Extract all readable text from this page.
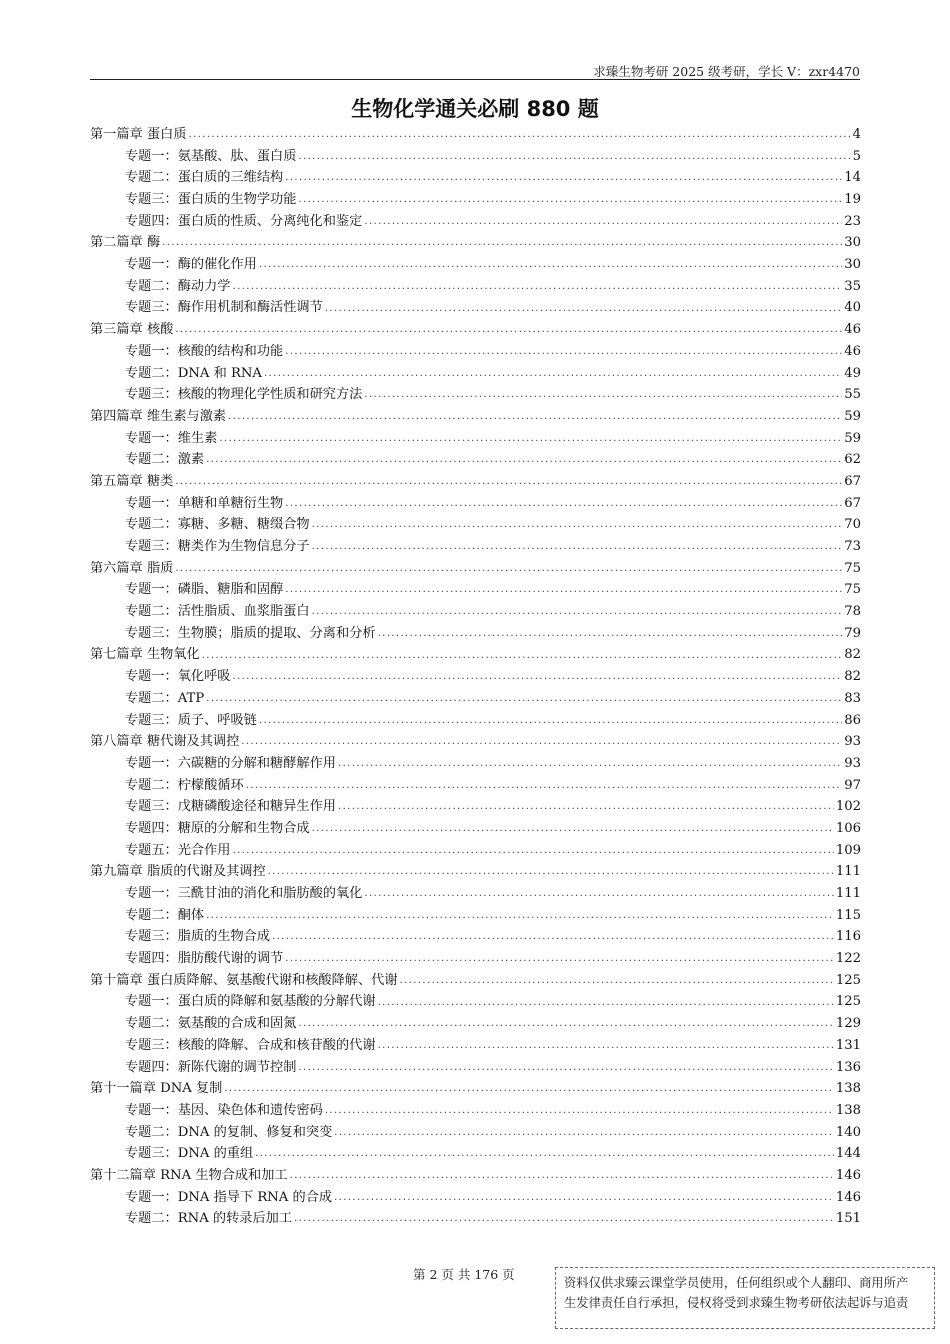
求臻生物考研 2025 级考研，学长 V：zxr4470
生物化学通关必刷 880 题
第一篇章 蛋白质 .....	4
专题一：氨基酸、肽、蛋白质 .....	5
专题二：蛋白质的三维结构 .....	14
专题三：蛋白质的生物学功能 .....	19
专题四：蛋白质的性质、分离纯化和鉴定 .....	23
第二篇章 酶 .....	30
专题一：酶的催化作用 .....	30
专题二：酶动力学 .....	35
专题三：酶作用机制和酶活性调节 .....	40
第三篇章 核酸 .....	46
专题一：核酸的结构和功能 .....	46
专题二：DNA 和 RNA .....	49
专题三：核酸的物理化学性质和研究方法 .....	55
第四篇章 维生素与激素 .....	59
专题一：维生素 .....	59
专题二：激素 .....	62
第五篇章 糖类 .....	67
专题一：单糖和单糖衍生物 .....	67
专题二：寡糖、多糖、糖缀合物 .....	70
专题三：糖类作为生物信息分子 .....	73
第六篇章 脂质 .....	75
专题一：磷脂、糖脂和固醇 .....	75
专题二：活性脂质、血浆脂蛋白 .....	78
专题三：生物膜；脂质的提取、分离和分析 .....	79
第七篇章 生物氧化 .....	82
专题一：氧化呼吸 .....	82
专题二：ATP .....	83
专题三：质子、呼吸链 .....	86
第八篇章 糖代谢及其调控 .....	93
专题一：六碳糖的分解和糖酵解作用 .....	93
专题二：柠檬酸循环 .....	97
专题三：戊糖磷酸途径和糖异生作用 .....	102
专题四：糖原的分解和生物合成 .....	106
专题五：光合作用 .....	109
第九篇章 脂质的代谢及其调控 .....	111
专题一：三酰甘油的消化和脂肪酸的氧化 .....	111
专题二：酮体 .....	115
专题三：脂质的生物合成 .....	116
专题四：脂肪酸代谢的调节 .....	122
第十篇章 蛋白质降解、氨基酸代谢和核酸降解、代谢 .....	125
专题一：蛋白质的降解和氨基酸的分解代谢 .....	125
专题二：氨基酸的合成和固氮 .....	129
专题三：核酸的降解、合成和核苷酸的代谢 .....	131
专题四：新陈代谢的调节控制 .....	136
第十一篇章 DNA 复制 .....	138
专题一：基因、染色体和遗传密码 .....	138
专题二：DNA 的复制、修复和突变 .....	140
专题三：DNA 的重组 .....	144
第十二篇章 RNA 生物合成和加工 .....	146
专题一：DNA 指导下 RNA 的合成 .....	146
专题二：RNA 的转录后加工 .....	151
第 2 页 共 176 页
资料仅供求臻云课堂学员使用，任何组织或个人翻印、商用所产
生发律责任自行承担，侵权将受到求臻生物考研依法起诉与追责
